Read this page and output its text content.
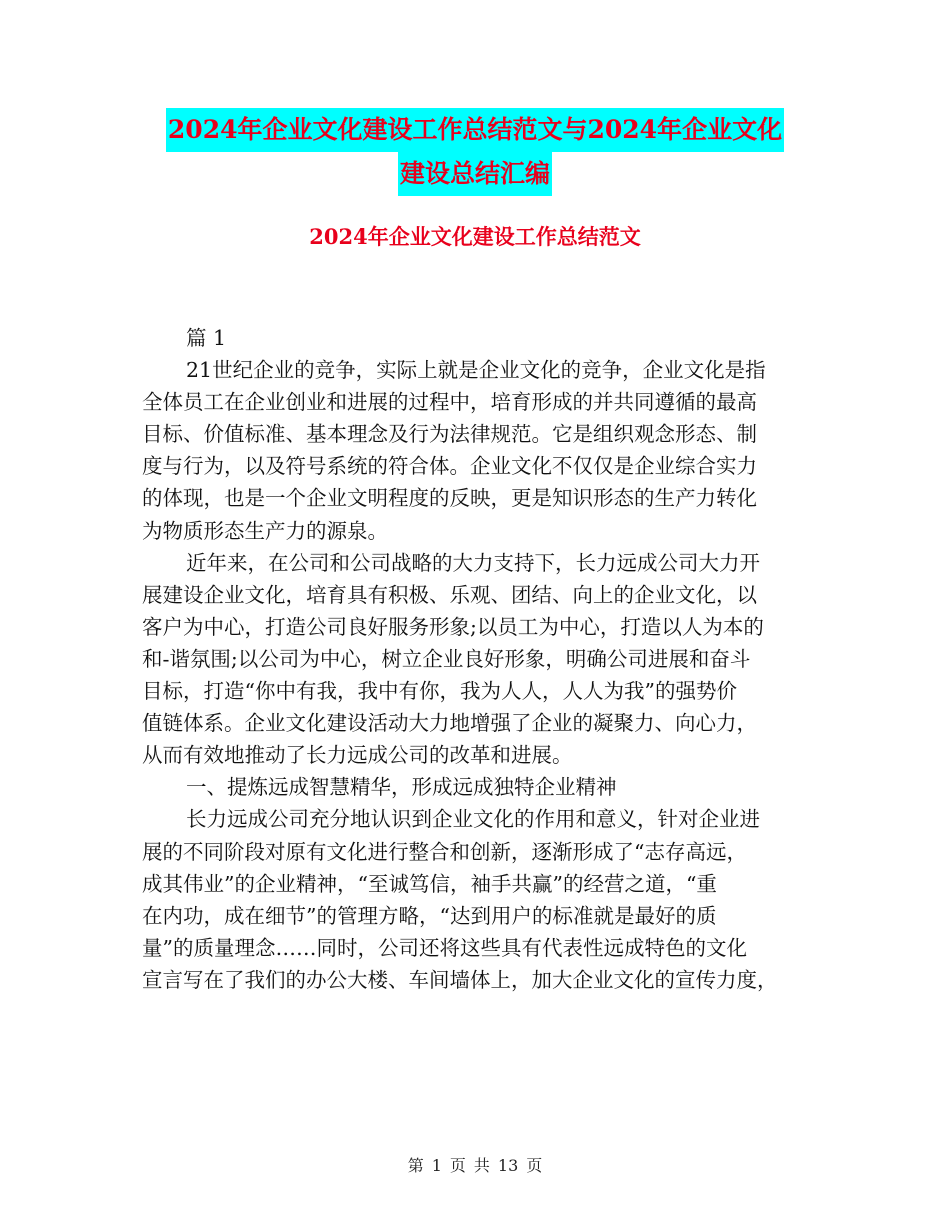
2024年企业文化建设工作总结范文与2024年企业文化
建设总结汇编
2024年企业文化建设工作总结范文

篇 1

21世纪企业的竞争，实际上就是企业文化的竞争，企业文化是指

全体员工在企业创业和进展的过程中，培育形成的并共同遵循的最高

目标、价值标准、基本理念及行为法律规范。它是组织观念形态、制

度与行为，以及符号系统的符合体。企业文化不仅仅是企业综合实力

的体现，也是一个企业文明程度的反映，更是知识形态的生产力转化

为物质形态生产力的源泉。

近年来，在公司和公司战略的大力支持下，长力远成公司大力开

展建设企业文化，培育具有积极、乐观、团结、向上的企业文化，以

客户为中心，打造公司良好服务形象;以员工为中心，打造以人为本的

和-谐氛围;以公司为中心，树立企业良好形象，明确公司进展和奋斗

目标，打造“你中有我，我中有你，我为人人，人人为我”的强势价

值链体系。企业文化建设活动大力地增强了企业的凝聚力、向心力，

从而有效地推动了长力远成公司的改革和进展。

一、提炼远成智慧精华，形成远成独特企业精神

长力远成公司充分地认识到企业文化的作用和意义，针对企业进

展的不同阶段对原有文化进行整合和创新，逐渐形成了“志存高远，

成其伟业”的企业精神，“至诚笃信，袖手共赢”的经营之道，“重

在内功，成在细节”的管理方略，“达到用户的标准就是最好的质

量”的质量理念……同时，公司还将这些具有代表性远成特色的文化

宣言写在了我们的办公大楼、车间墙体上，加大企业文化的宣传力度，

第 1 页 共 13 页
